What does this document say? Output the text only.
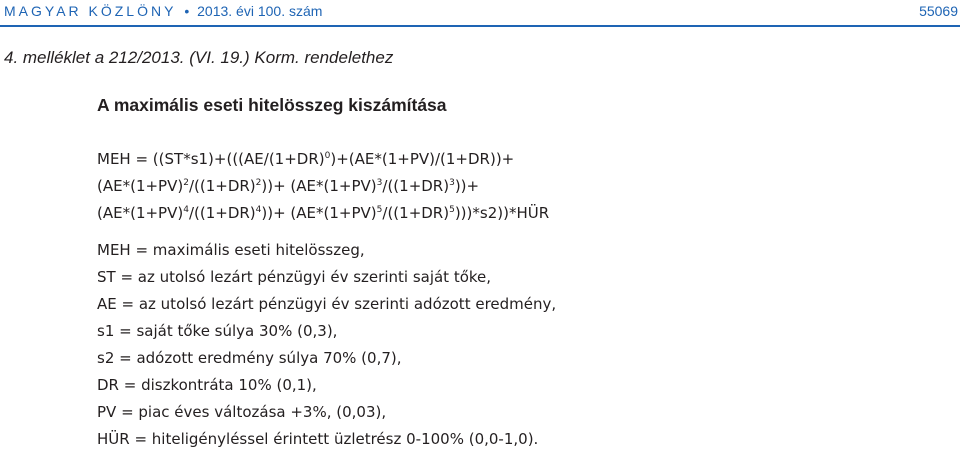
MAGYAR KÖZLÖNY • 2013. évi 100. szám	55069
4. melléklet a 212/2013. (VI. 19.) Korm. rendelethez
A maximális eseti hitelösszeg kiszámítása
MEH = ($(ST*s1)+(((AE/(1+DR)^0)+(AE*(1+PV)/(1+DR))+$
$(AE*(1+PV)^2/((1+DR)^2))+ (AE*(1+PV)^3/((1+DR)^3))+$
$(AE*(1+PV)^4/((1+DR)^4))+$ $(AE*(1+PV)^5/((1+DR)^5)))*s2))*HÜR$
MEH = maximális eseti hitelösszeg,
ST = az utolsó lezárt pénzügyi év szerinti saját tőke,
AE = az utolsó lezárt pénzügyi év szerinti adózott eredmény,
s1 = saját tőke súlya 30% (0,3),
s2 = adózott eredmény súlya 70% (0,7),
DR = diszkontráta 10% (0,1),
PV = piac éves változása +3%, (0,03),
HÜR = hiteligényléssel érintett üzletrész 0-100% (0,0-1,0).
